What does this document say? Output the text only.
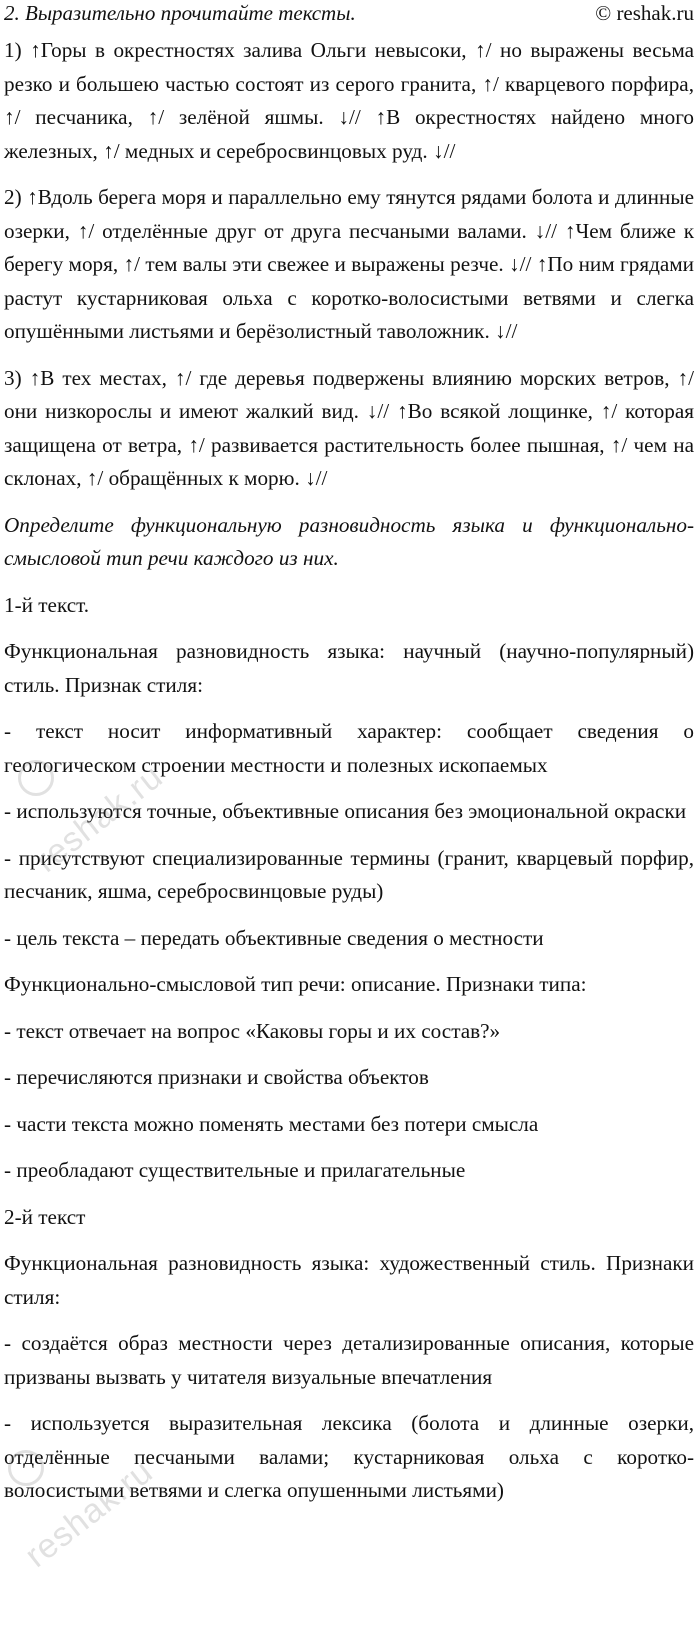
2. Выразительно прочитайте тексты.	© reshak.ru

1) ↑Горы в окрестностях залива Ольги невысоки, ↑/ но выражены весьма резко и большею частью состоят из серого гранита, ↑/ кварцевого порфира, ↑/ песчаника, ↑/ зелёной яшмы. ↓// ↑В окрестностях найдено много железных, ↑/ медных и серебросвинцовых руд. ↓//

2) ↑Вдоль берега моря и параллельно ему тянутся рядами болота и длинные озерки, ↑/ отделённые друг от друга песчаными валами. ↓// ↑Чем ближе к берегу моря, ↑/ тем валы эти свежее и выражены резче. ↓// ↑По ним грядами растут кустарниковая ольха с коротко-волосистыми ветвями и слегка опушёнными листьями и берёзолистный таволожник. ↓//

3) ↑В тех местах, ↑/ где деревья подвержены влиянию морских ветров, ↑/ они низкорослы и имеют жалкий вид. ↓// ↑Во всякой лощинке, ↑/ которая защищена от ветра, ↑/ развивается растительность более пышная, ↑/ чем на склонах, ↑/ обращённых к морю. ↓//

Определите функциональную разновидность языка и функционально-смысловой тип речи каждого из них.

1-й текст.

Функциональная разновидность языка: научный (научно-популярный) стиль. Признак стиля:

- текст носит информативный характер: сообщает сведения о геологическом строении местности и полезных ископаемых

- используются точные, объективные описания без эмоциональной окраски

- присутствуют специализированные термины (гранит, кварцевый порфир, песчаник, яшма, серебросвинцовые руды)

- цель текста – передать объективные сведения о местности

Функционально-смысловой тип речи: описание. Признаки типа:

- текст отвечает на вопрос «Каковы горы и их состав?»

- перечисляются признаки и свойства объектов

- части текста можно поменять местами без потери смысла

- преобладают существительные и прилагательные

2-й текст

Функциональная разновидность языка: художественный стиль. Признаки стиля:

- создаётся образ местности через детализированные описания, которые призваны вызвать у читателя визуальные впечатления

- используется выразительная лексика (болота и длинные озерки, отделённые песчаными валами; кустарниковая ольха с коротко-волосистыми ветвями и слегка опушенными листьями)

reshak.ru
reshak.ru
